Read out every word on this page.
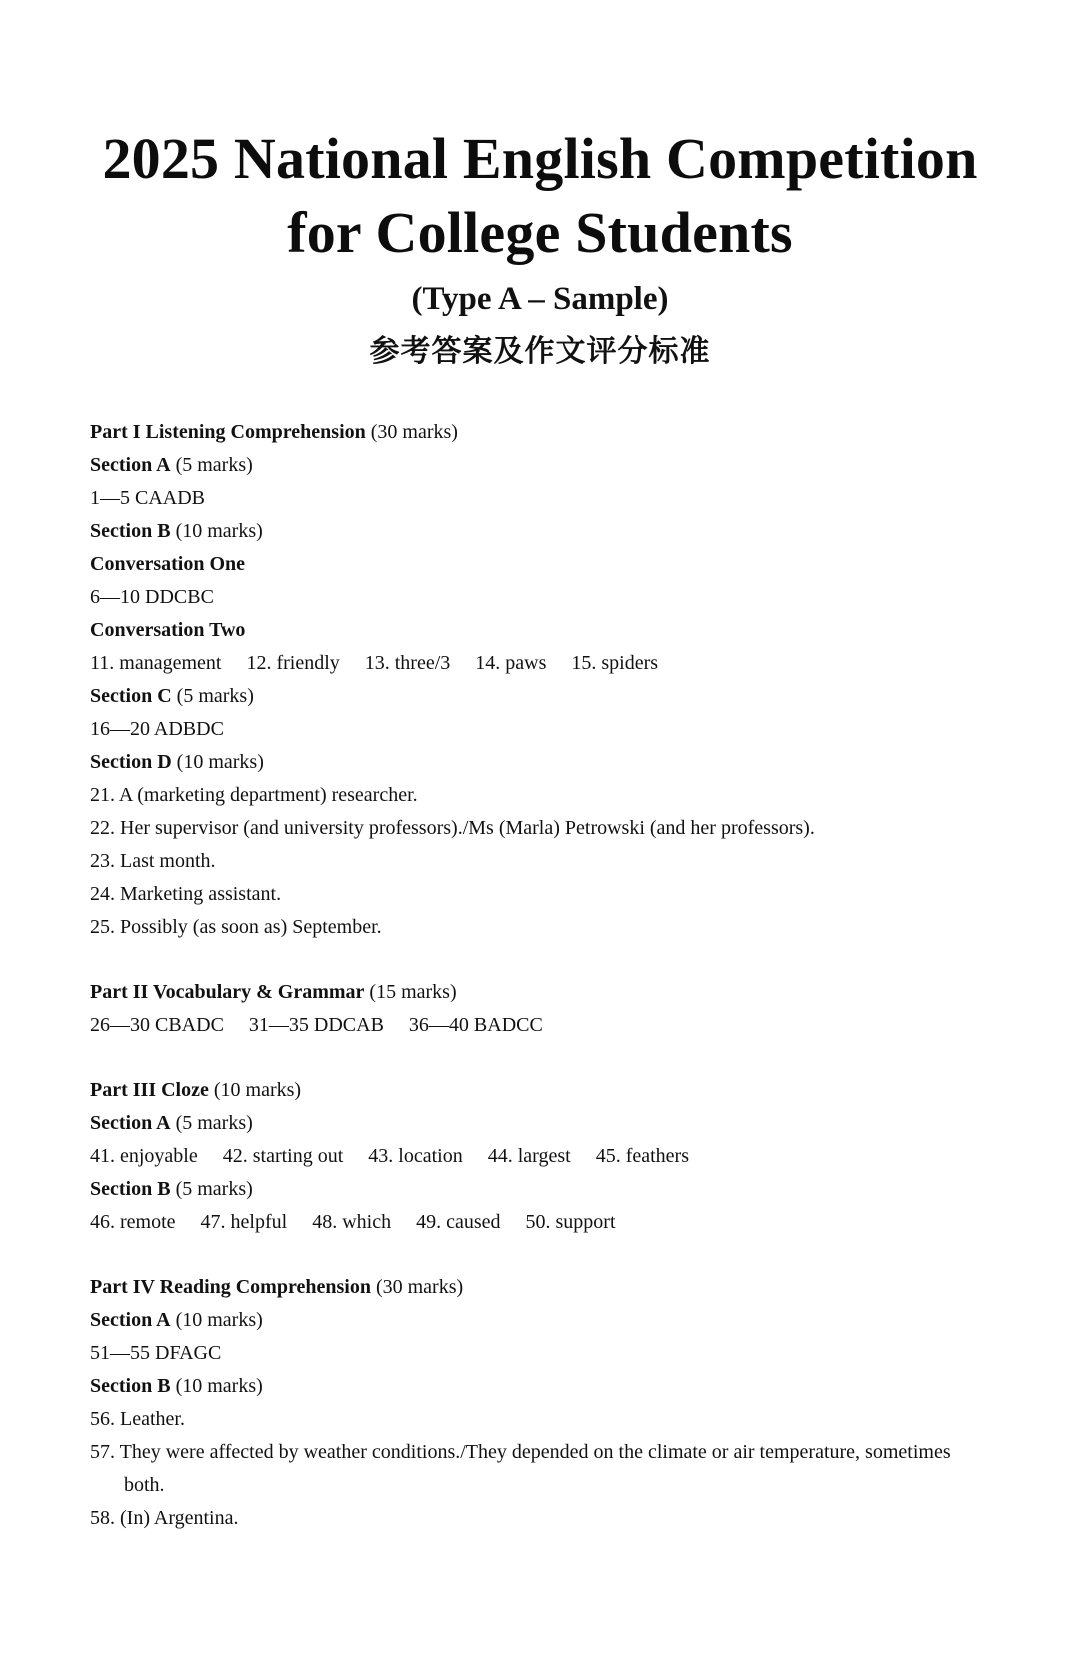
2025 National English Competition
for College Students
(Type A – Sample)
参考答案及作文评分标准
Part I Listening Comprehension (30 marks)
Section A (5 marks)
1—5 CAADB
Section B (10 marks)
Conversation One
6—10 DDCBC
Conversation Two
11. management 12. friendly 13. three/3 14. paws 15. spiders
Section C (5 marks)
16—20 ADBDC
Section D (10 marks)
21. A (marketing department) researcher.
22. Her supervisor (and university professors)./Ms (Marla) Petrowski (and her professors).
23. Last month.
24. Marketing assistant.
25. Possibly (as soon as) September.
Part II Vocabulary & Grammar (15 marks)
26—30 CBADC 31—35 DDCAB 36—40 BADCC
Part III Cloze (10 marks)
Section A (5 marks)
41. enjoyable 42. starting out 43. location 44. largest 45. feathers
Section B (5 marks)
46. remote 47. helpful 48. which 49. caused 50. support
Part IV Reading Comprehension (30 marks)
Section A (10 marks)
51—55 DFAGC
Section B (10 marks)
56. Leather.
57. They were affected by weather conditions./They depended on the climate or air temperature, sometimes
both.
58. (In) Argentina.
